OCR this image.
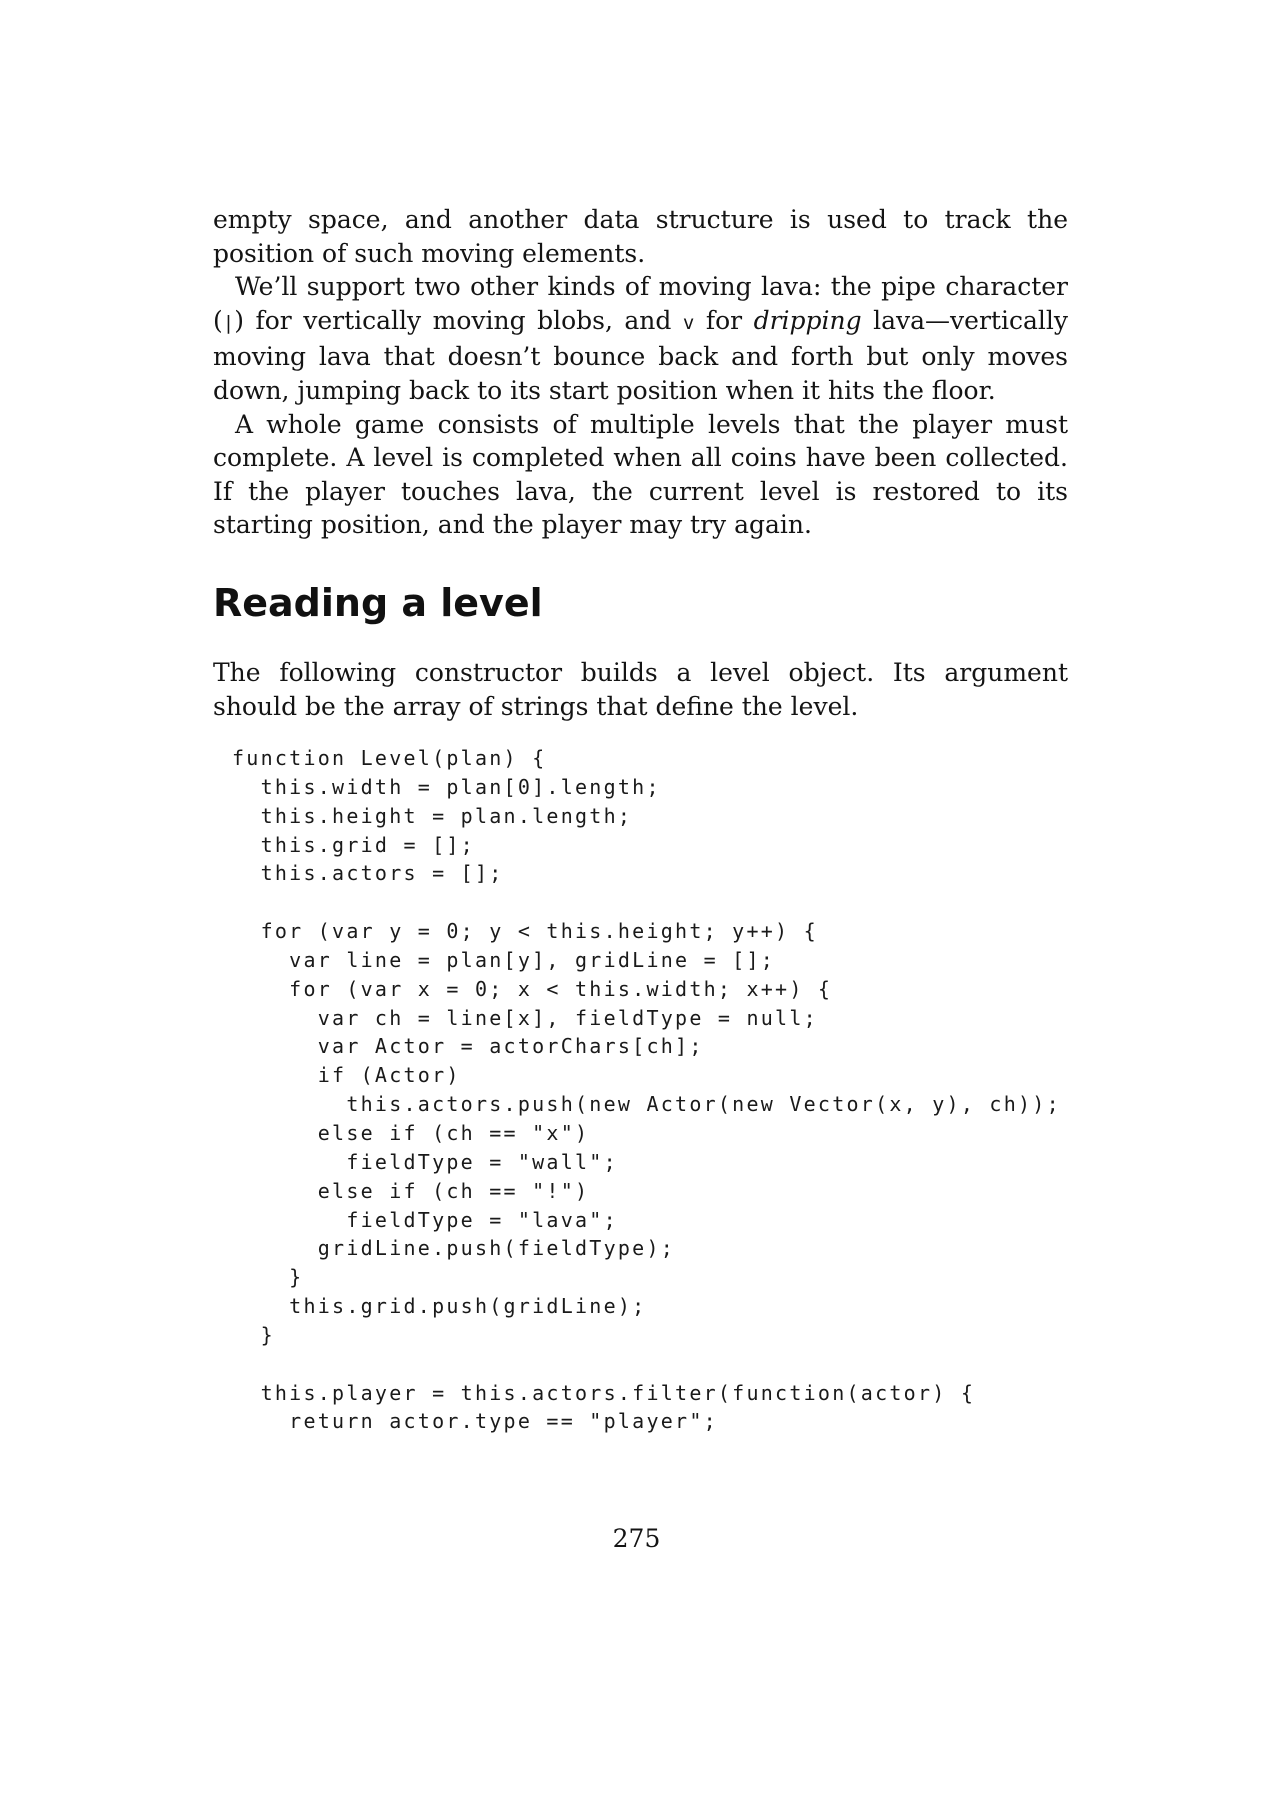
empty space, and another data structure is used to track the position of such moving elements.

We’ll support two other kinds of moving lava: the pipe character (|) for vertically moving blobs, and v for dripping lava—vertically moving lava that doesn’t bounce back and forth but only moves down, jumping back to its start position when it hits the floor.

A whole game consists of multiple levels that the player must complete. A level is completed when all coins have been collected. If the player touches lava, the current level is restored to its starting position, and the player may try again.

Reading a level

The following constructor builds a level object. Its argument should be the array of strings that define the level.

function Level(plan) {
this.width = plan[0].length;
this.height = plan.length;
this.grid = [];
this.actors = [];
for (var y = 0; y < this.height; y++) {
var line = plan[y], gridLine = [];
for (var x = 0; x < this.width; x++) {
var ch = line[x], fieldType = null;
var Actor = actorChars[ch];
if (Actor)
this.actors.push(new Actor(new Vector(x, y), ch));
else if (ch == "x")
fieldType = "wall";
else if (ch == "!")
fieldType = "lava";
gridLine.push(fieldType);
}
this.grid.push(gridLine);
}
this.player = this.actors.filter(function(actor) {
return actor.type == "player";
275
